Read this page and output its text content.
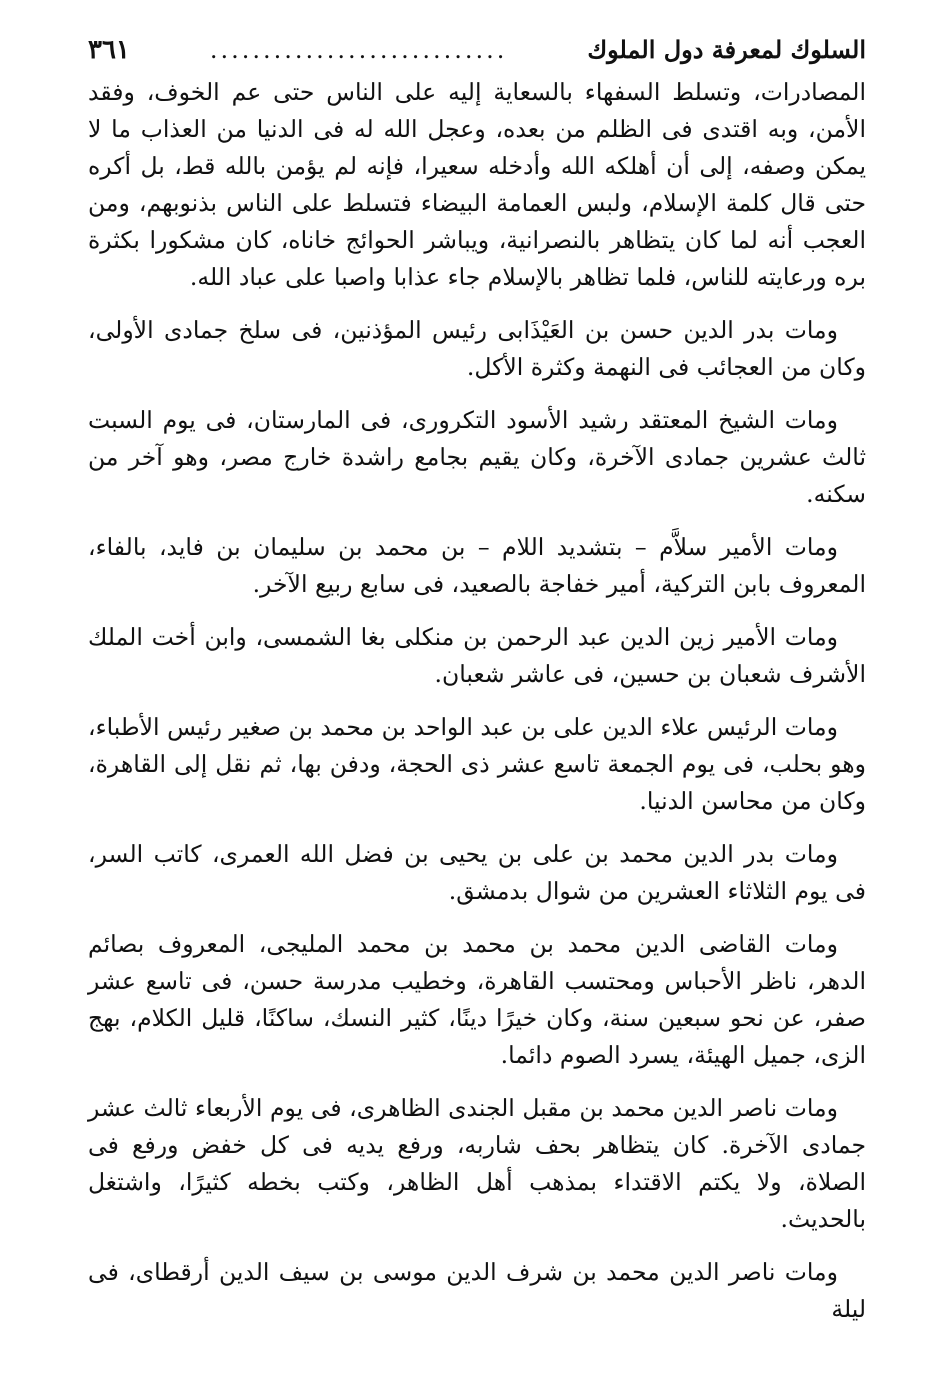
السلوك لمعرفة دول الملوك
............................
٣٦١

المصادرات، وتسلط السفهاء بالسعاية إليه على الناس حتى عم الخوف، وفقد الأمن، وبه اقتدى فى الظلم من بعده، وعجل الله له فى الدنيا من العذاب ما لا يمكن وصفه، إلى أن أهلكه الله وأدخله سعيرا، فإنه لم يؤمن بالله قط، بل أكره حتى قال كلمة الإسلام، ولبس العمامة البيضاء فتسلط على الناس بذنوبهم، ومن العجب أنه لما كان يتظاهر بالنصرانية، ويباشر الحوائج خاناه، كان مشكورا بكثرة بره ورعايته للناس، فلما تظاهر بالإسلام جاء عذابا واصبا على عباد الله.

ومات بدر الدين حسن بن العَيْذَابى رئيس المؤذنين، فى سلخ جمادى الأولى، وكان من العجائب فى النهمة وكثرة الأكل.

ومات الشيخ المعتقد رشيد الأسود التكرورى، فى المارستان، فى يوم السبت ثالث عشرين جمادى الآخرة، وكان يقيم بجامع راشدة خارج مصر، وهو آخر من سكنه.

ومات الأمير سلاَّم – بتشديد اللام – بن محمد بن سليمان بن فايد، بالفاء، المعروف بابن التركية، أمير خفاجة بالصعيد، فى سابع ربيع الآخر.

ومات الأمير زين الدين عبد الرحمن بن منكلى بغا الشمسى، وابن أخت الملك الأشرف شعبان بن حسين، فى عاشر شعبان.

ومات الرئيس علاء الدين على بن عبد الواحد بن محمد بن صغير رئيس الأطباء، وهو بحلب، فى يوم الجمعة تاسع عشر ذى الحجة، ودفن بها، ثم نقل إلى القاهرة، وكان من محاسن الدنيا.

ومات بدر الدين محمد بن على بن يحيى بن فضل الله العمرى، كاتب السر، فى يوم الثلاثاء العشرين من شوال بدمشق.

ومات القاضى الدين محمد بن محمد بن محمد المليجى، المعروف بصائم الدهر، ناظر الأحباس ومحتسب القاهرة، وخطيب مدرسة حسن، فى تاسع عشر صفر، عن نحو سبعين سنة، وكان خيرًا دينًا، كثير النسك، ساكنًا، قليل الكلام، بهج الزى، جميل الهيئة، يسرد الصوم دائما.

ومات ناصر الدين محمد بن مقبل الجندى الظاهرى، فى يوم الأربعاء ثالث عشر جمادى الآخرة. كان يتظاهر بحف شاربه، ورفع يديه فى كل خفض ورفع فى الصلاة، ولا يكتم الاقتداء بمذهب أهل الظاهر، وكتب بخطه كثيرًا، واشتغل بالحديث.

ومات ناصر الدين محمد بن شرف الدين موسى بن سيف الدين أرقطاى، فى ليلة
